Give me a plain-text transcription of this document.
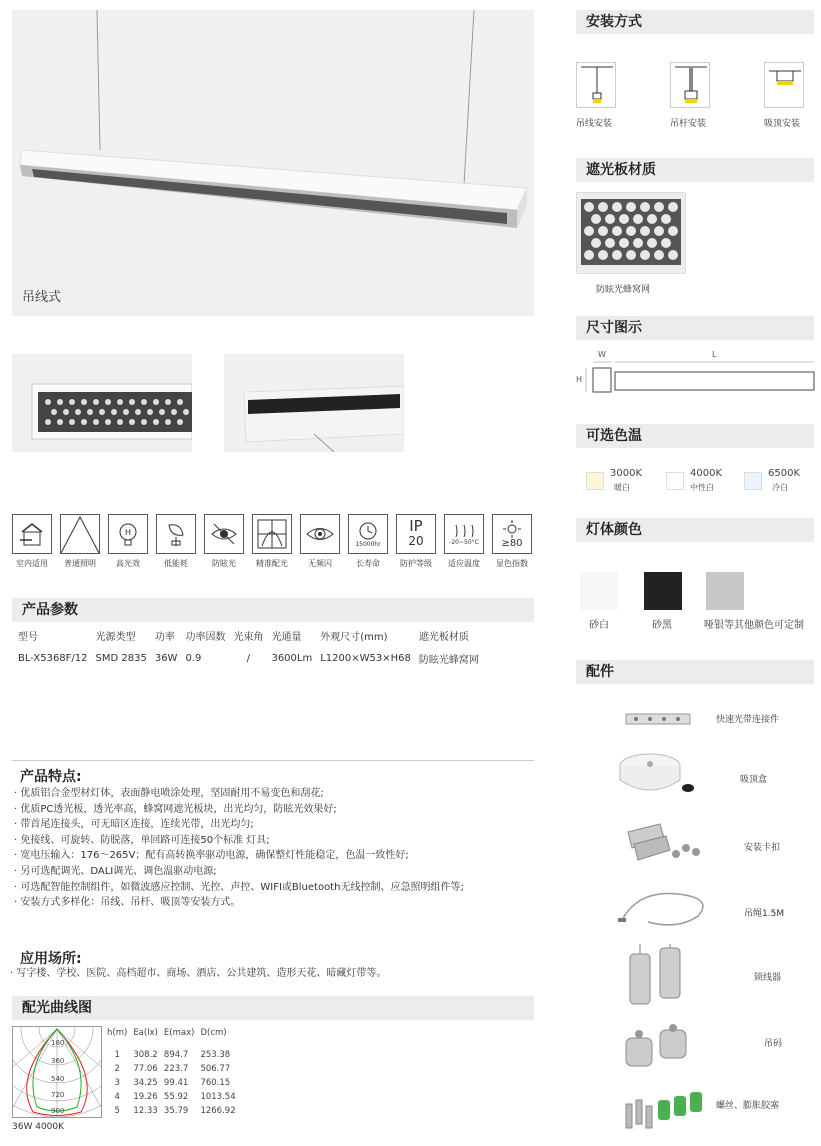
吊线式
室内适用	普通照明
H
高光效	低能耗	防眩光	精准配光	无频闪
15000hr
长寿命
IP
20
防护等级
-20~50°C
适应温度
≥80
显色指数
产品参数
型号	光源类型	功率	功率因数	光束角	光通量	外观尺寸(mm)	遮光板材质
BL-X5368F/12	SMD 2835	36W	0.9	/	3600Lm	L1200×W53×H68	防眩光蜂窝网
产品特点:
· 优质铝合金型材灯体，表面静电喷涂处理，坚固耐用不易变色和刮花;
· 优质PC透光板，透光率高，蜂窝网遮光板块，出光均匀，防眩光效果好;
· 带首尾连接头，可无暗区连接，连续光带，出光均匀;
· 免接线、可旋转、防脱落，单回路可连接50个标准 灯具;
· 宽电压输入：176～265V；配有高转换率驱动电源，确保整灯性能稳定，色温一致性好;
· 另可选配调光、DALI调光、调色温驱动电源;
· 可选配智能控制组件，如微波感应控制、光控、声控、WIFI或Bluetooth无线控制、应急照明组件等;
· 安装方式多样化：吊线、吊杆、吸顶等安装方式。
应用场所:
· 写字楼、学校、医院、高档超市、商场、酒店、公共建筑、造形天花、暗藏灯带等。
配光曲线图
180
360
540
720
900
36W 4000K
h(m)	Ea(lx)	E(max)	D(cm)

1	308.2	894.7	253.38
2	77.06	223.7	506.77
3	34.25	99.41	760.15
4	19.26	55.92	1013.54
5	12.33	35.79	1266.92
安装方式
吊线安装	吊杆安装	吸顶安装
遮光板材质
防眩光蜂窝网
尺寸图示
W	L
H
可选色温
3000K
暖白
4000K
中性白
6500K
冷白
灯体颜色
砂白	砂黑	哑银等其他颜色可定制
配件
快速光带连接件
吸顶盒
安装卡扣
吊绳1.5M
锁线器
吊码
螺丝、膨胀胶塞
